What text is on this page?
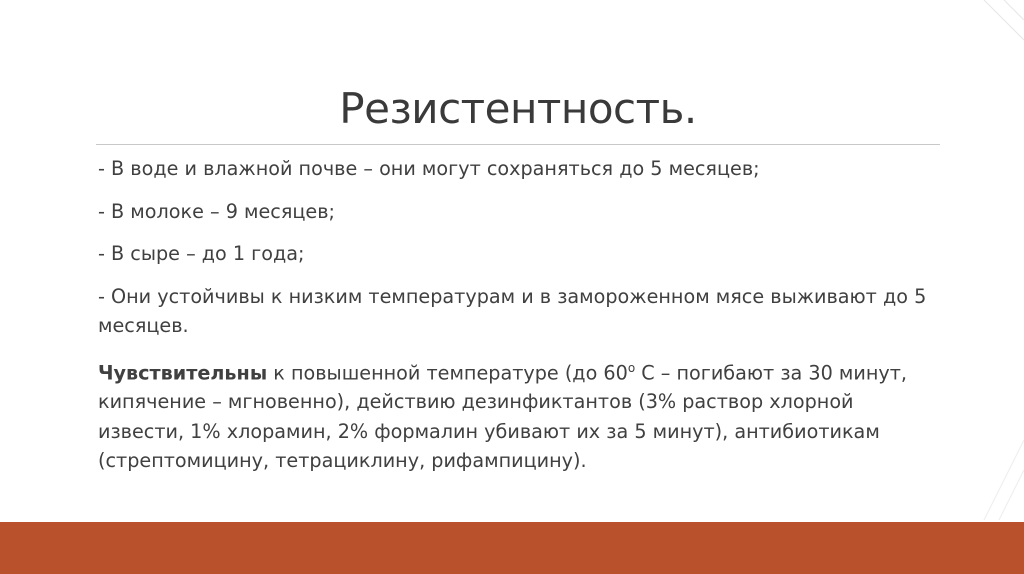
Резистентность.

- В воде и влажной почве – они могут сохраняться до 5 месяцев;

- В молоке – 9 месяцев;

- В сыре – до 1 года;

- Они устойчивы к низким температурам и в замороженном мясе выживают до 5 месяцев.

Чувствительны к повышенной температуре (до $60^о$ С – погибают за 30 минут, кипячение – мгновенно), действию дезинфиктантов (3% раствор хлорной извести, 1% хлорамин, 2% формалин убивают их за 5 минут), антибиотикам (стрептомицину, тетрациклину, рифампицину).
